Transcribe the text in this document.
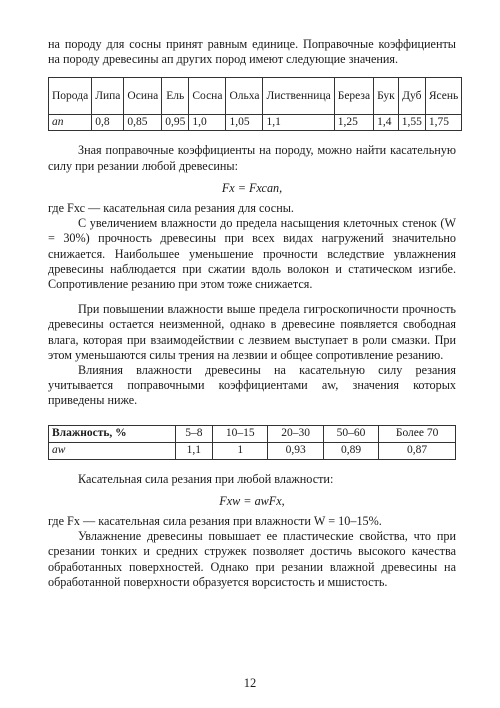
на породу для сосны принят равным единице. Поправочные коэффициенты на породу древесины aп других пород имеют следующие значения.

Порода	Липа	Осина	Ель	Сосна	Ольха	Лиственница	Береза	Бук	Дуб	Ясень
aп	0,8	0,85	0,95	1,0	1,05	1,1	1,25	1,4	1,55	1,75

Зная поправочные коэффициенты на породу, можно найти касательную силу при резании любой древесины:

Fх = Fхсaп,

где Fхс — касательная сила резания для сосны.

С увеличением влажности до предела насыщения клеточных стенок (W = 30%) прочность древесины при всех видах нагружений значительно снижается. Наибольшее уменьшение прочности вследствие увлажнения древесины наблюдается при сжатии вдоль волокон и статическом изгибе. Сопротивление резанию при этом тоже снижается.

При повышении влажности выше предела гигроскопичности прочность древесины остается неизменной, однако в древесине появляется свободная влага, которая при взаимодействии с лезвием выступает в роли смазки. При этом уменьшаются силы трения на лезвии и общее сопротивление резанию.

Влияния влажности древесины на касательную силу резания учитывается поправочными коэффициентами aw, значения которых приведены ниже.

Влажность, %	5–8	10–15	20–30	50–60	Более 70
aw	1,1	1	0,93	0,89	0,87

Касательная сила резания при любой влажности:

Fхw = awFх,

где Fх — касательная сила резания при влажности W = 10–15%.

Увлажнение древесины повышает ее пластические свойства, что при срезании тонких и средних стружек позволяет достичь высокого качества обработанных поверхностей. Однако при резании влажной древесины на обработанной поверхности образуется ворсистость и мшистость.

12
